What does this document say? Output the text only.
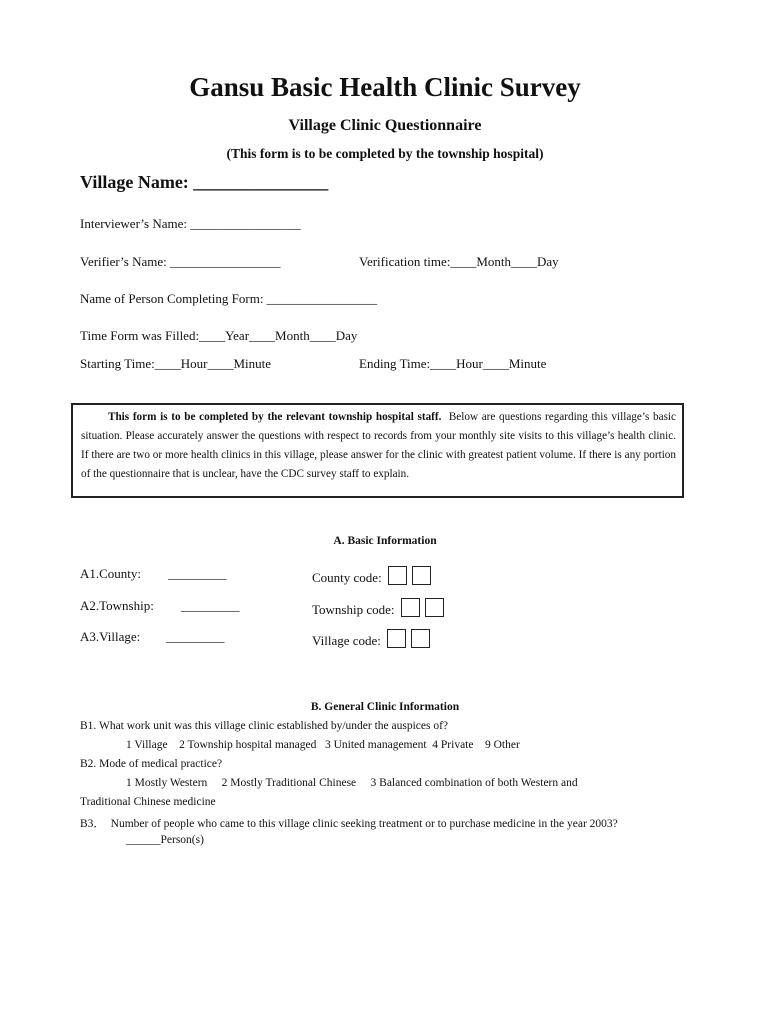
Gansu Basic Health Clinic Survey
Village Clinic Questionnaire
(This form is to be completed by the township hospital)
Village Name: _______________
Interviewer’s Name: _________________
Verifier’s Name: _________________	Verification time:____Month____Day
Name of Person Completing Form: _________________
Time Form was Filled:____Year____Month____Day
Starting Time:____Hour____Minute	Ending Time:____Hour____Minute

This form is to be completed by the relevant township hospital staff. Below are questions regarding this village’s basic situation. Please accurately answer the questions with respect to records from your monthly site visits to this village’s health clinic. If there are two or more health clinics in this village, please answer for the clinic with greatest patient volume. If there is any portion of the questionnaire that is unclear, have the CDC survey staff to explain.

A. Basic Information
A1.County: _________	County code:
A2.Township: _________	Township code:
A3.Village: _________	Village code:
B. General Clinic Information
B1. What work unit was this village clinic established by/under the auspices of?
1 Village    2 Township hospital managed   3 United management  4 Private    9 Other
B2. Mode of medical practice?
1 Mostly Western     2 Mostly Traditional Chinese     3 Balanced combination of both Western and
Traditional Chinese medicine
B3．  Number of people who came to this village clinic seeking treatment or to purchase medicine in the year 2003?
______Person(s)
